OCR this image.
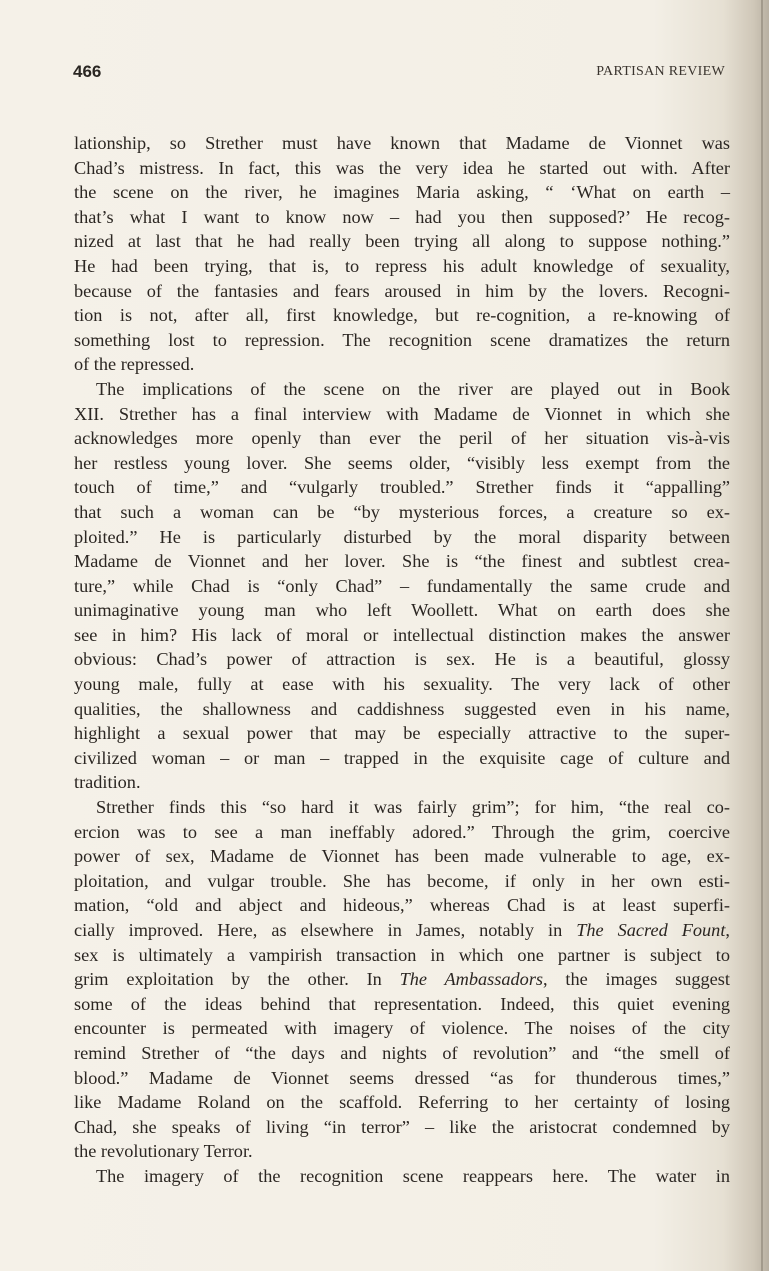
466	PARTISAN REVIEW
lationship, so Strether must have known that Madame de Vionnet was
Chad’s mistress. In fact, this was the very idea he started out with. After
the scene on the river, he imagines Maria asking, “ ‘What on earth –
that’s what I want to know now – had you then supposed?’ He recog-
nized at last that he had really been trying all along to suppose nothing.”
He had been trying, that is, to repress his adult knowledge of sexuality,
because of the fantasies and fears aroused in him by the lovers. Recogni-
tion is not, after all, first knowledge, but re-cognition, a re-knowing of
something lost to repression. The recognition scene dramatizes the return
of the repressed.
The implications of the scene on the river are played out in Book
XII. Strether has a final interview with Madame de Vionnet in which she
acknowledges more openly than ever the peril of her situation vis-à-vis
her restless young lover. She seems older, “visibly less exempt from the
touch of time,” and “vulgarly troubled.” Strether finds it “appalling”
that such a woman can be “by mysterious forces, a creature so ex-
ploited.” He is particularly disturbed by the moral disparity between
Madame de Vionnet and her lover. She is “the finest and subtlest crea-
ture,” while Chad is “only Chad” – fundamentally the same crude and
unimaginative young man who left Woollett. What on earth does she
see in him? His lack of moral or intellectual distinction makes the answer
obvious: Chad’s power of attraction is sex. He is a beautiful, glossy
young male, fully at ease with his sexuality. The very lack of other
qualities, the shallowness and caddishness suggested even in his name,
highlight a sexual power that may be especially attractive to the super-
civilized woman – or man – trapped in the exquisite cage of culture and
tradition.
Strether finds this “so hard it was fairly grim”; for him, “the real co-
ercion was to see a man ineffably adored.” Through the grim, coercive
power of sex, Madame de Vionnet has been made vulnerable to age, ex-
ploitation, and vulgar trouble. She has become, if only in her own esti-
mation, “old and abject and hideous,” whereas Chad is at least superfi-
cially improved. Here, as elsewhere in James, notably in The Sacred Fount,
sex is ultimately a vampirish transaction in which one partner is subject to
grim exploitation by the other. In The Ambassadors, the images suggest
some of the ideas behind that representation. Indeed, this quiet evening
encounter is permeated with imagery of violence. The noises of the city
remind Strether of “the days and nights of revolution” and “the smell of
blood.” Madame de Vionnet seems dressed “as for thunderous times,”
like Madame Roland on the scaffold. Referring to her certainty of losing
Chad, she speaks of living “in terror” – like the aristocrat condemned by
the revolutionary Terror.
The imagery of the recognition scene reappears here. The water in
